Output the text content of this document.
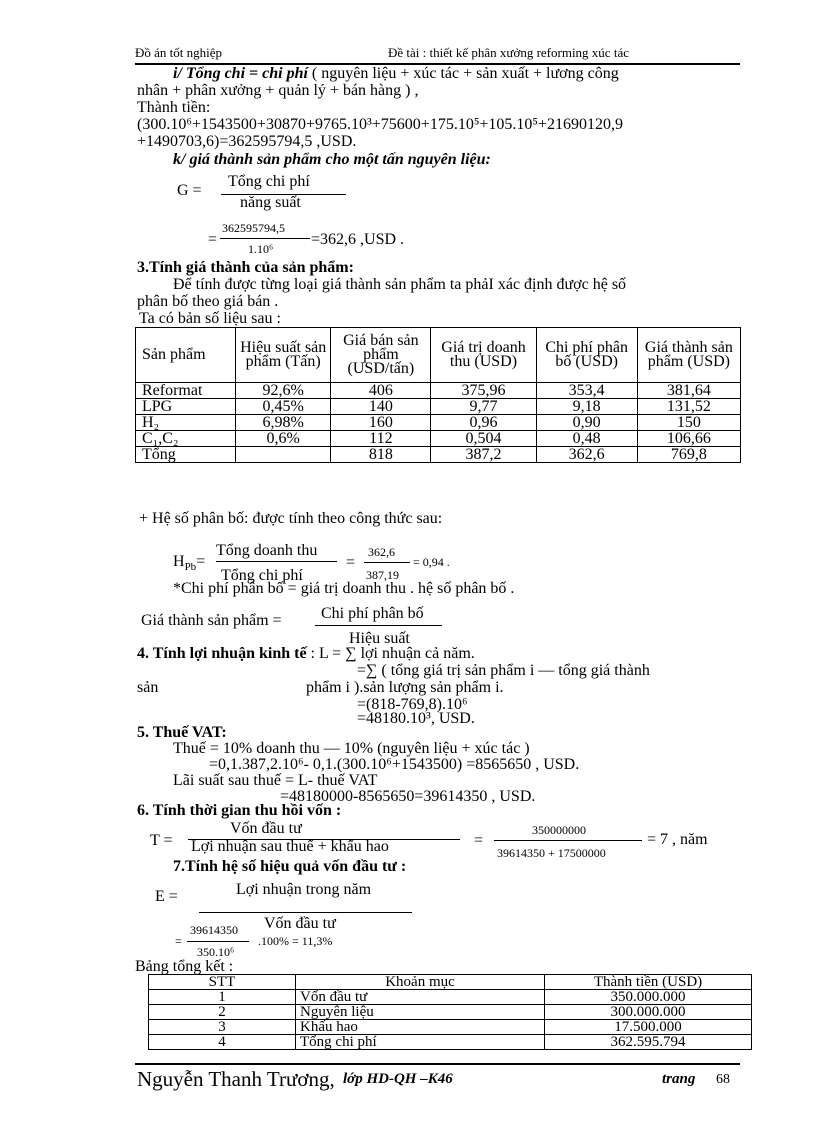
Đồ án tốt nghiệp	Đề tài : thiết kế phân xưởng reforming xúc tác
i/ Tổng chi = chi phí ( nguyên liệu + xúc tác + sản xuất + lương công
nhân + phân xưởng + quản lý + bán hàng ) ,
Thành tiền:
(300.10⁶+1543500+30870+9765.10³+75600+175.10⁵+105.10⁵+21690120,9
+1490703,6)=362595794,5 ,USD.
k/ giá thành sản phẩm cho một tấn nguyên liệu:
G =
Tổng chi phí
năng suất
=
362595794,5
1.10⁶
=362,6 ,USD .
3.Tính giá thành của sản phẩm:
Để tính được từng loại giá thành sản phẩm ta phảI xác định được hệ số
phân bố theo giá bán .
Ta có bản số liệu sau :
Sản phẩm	Hiệu suất sản phẩm (Tấn)	Giá bán sản phẩm (USD/tấn)	Giá trị doanh thu (USD)	Chi phí phân bố (USD)	Giá thành sản phẩm (USD)
Reformat	92,6%	406	375,96	353,4	381,64
LPG	0,45%	140	9,77	9,18	131,52
H₂	6,98%	160	0,96	0,90	150
C₁,C₂	0,6%	112	0,504	0,48	106,66
Tổng		818	387,2	362,6	769,8
+ Hệ số phân bố: được tính theo công thức sau:
$H_{Pb}=$
Tổng doanh thu
Tổng chi phí
=
362,6
387,19
= 0,94 .
*Chi phí phân bố = giá trị doanh thu . hệ số phân bố .
Giá thành sản phẩm = Chi phí phân bố
Hiệu suất
4. Tính lợi nhuận kinh tế : L = ∑ lợi nhuận cả năm.
=∑ ( tổng giá trị sản phẩm i — tổng giá thành
sản	phẩm i ).sản lượng sản phẩm i.
=(818-769,8).10⁶
=48180.10³, USD.
5. Thuế VAT:
Thuế = 10% doanh thu — 10% (nguyên liệu + xúc tác )
=0,1.387,2.10⁶- 0,1.(300.10⁶+1543500) =8565650 , USD.
Lãi suất sau thuế = L- thuế VAT
=48180000-8565650=39614350 , USD.
6. Tính thời gian thu hồi vốn :
T =
Vốn đầu tư
Lợi nhuận sau thuế + khấu hao	=
350000000
39614350 + 17500000
= 7 , năm
7.Tính hệ số hiệu quả vốn đầu tư :
E =	Lợi nhuận trong năm
Vốn đầu tư
=
39614350
350.10⁶
.100% = 11,3%
Bảng tổng kết :
STT	Khoản mục	Thành tiền (USD)
1	Vốn đầu tư	350.000.000
2	Nguyên liệu	300.000.000
3	Khấu hao	17.500.000
4	Tổng chi phí	362.595.794
Nguyễn Thanh Trương, lớp HD-QH –K46	trang 68
